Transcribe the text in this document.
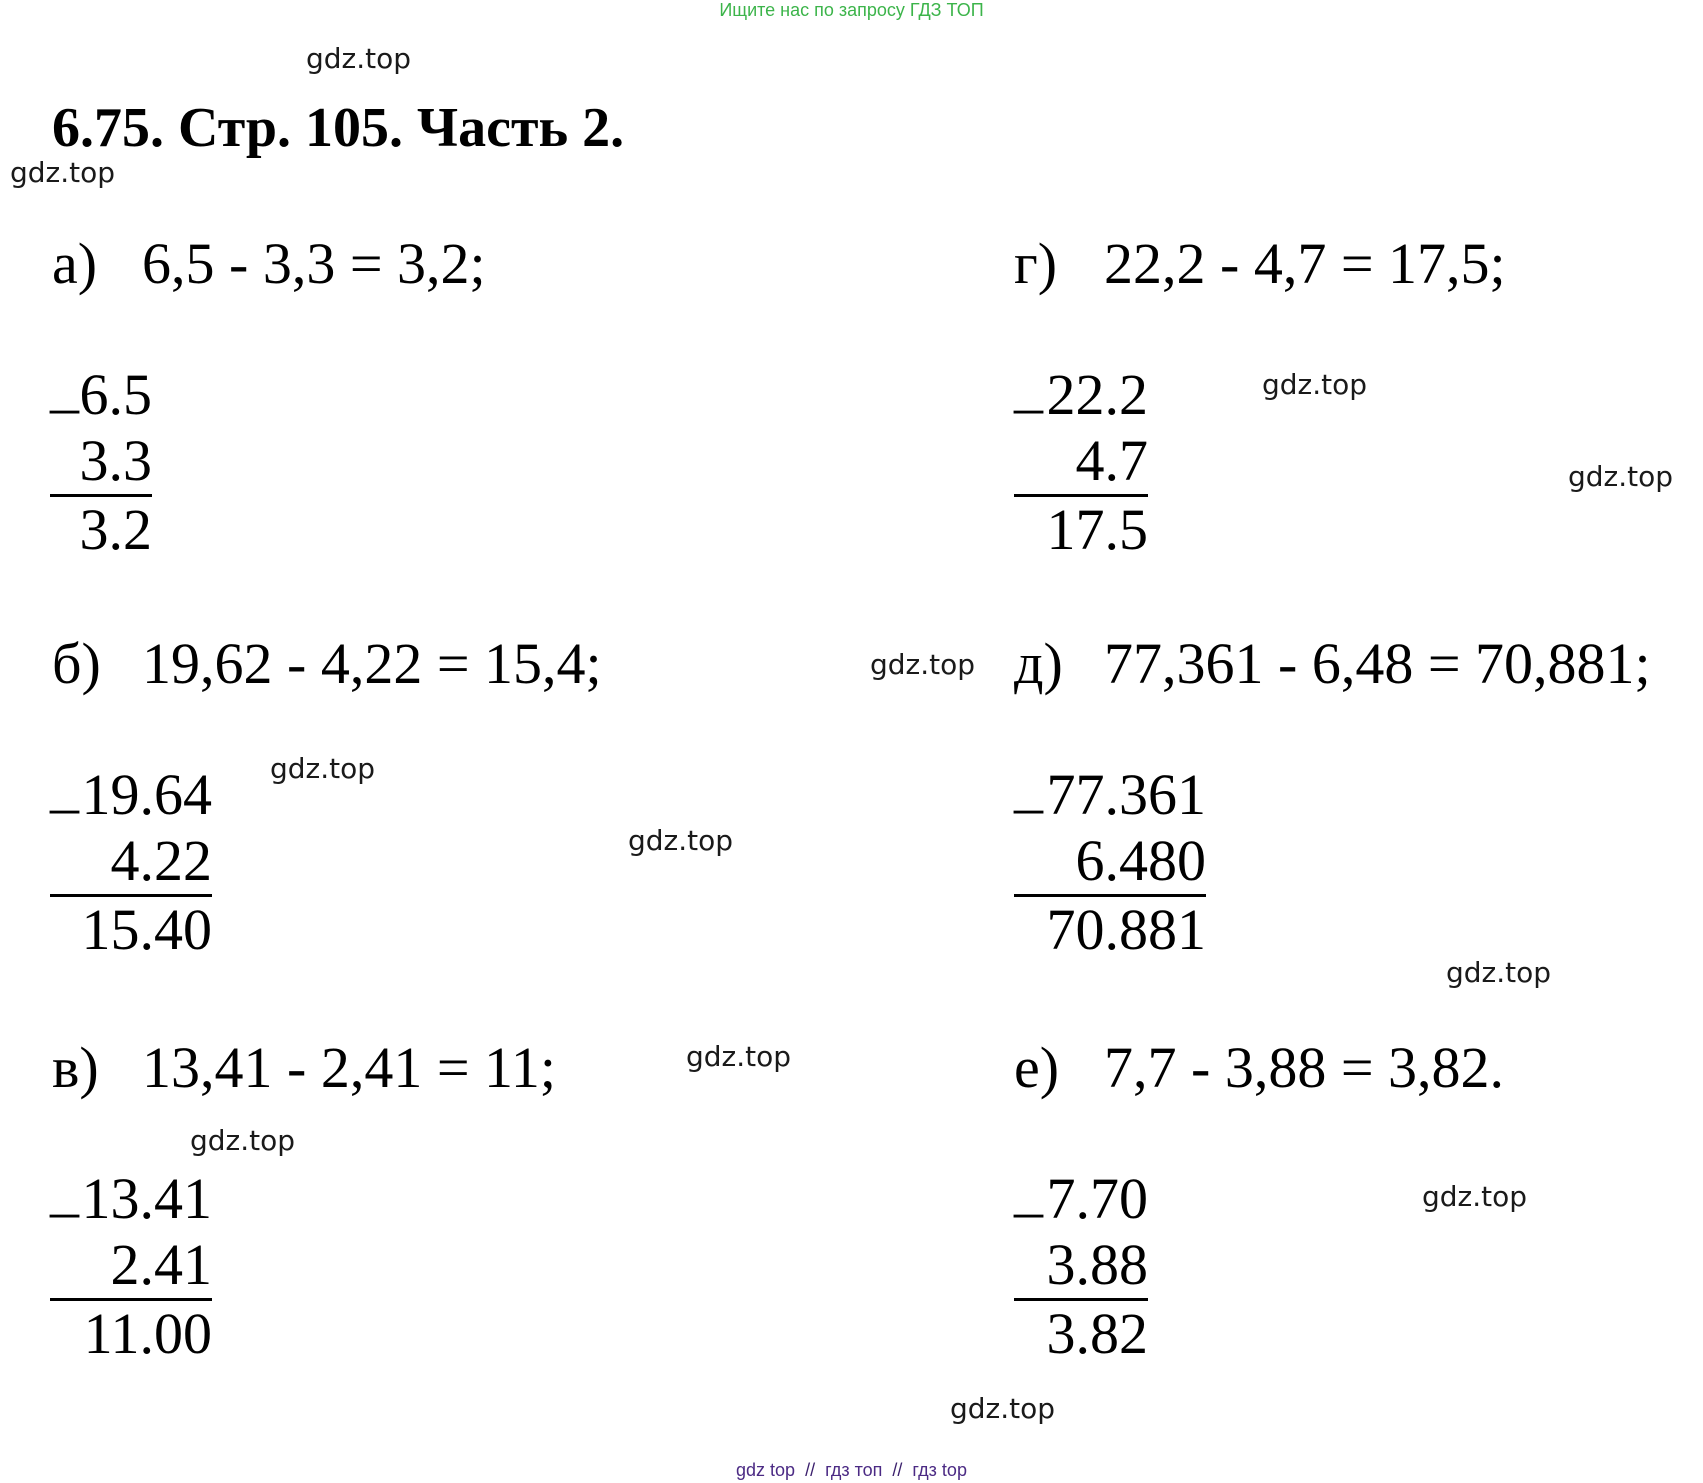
Ищите нас по запросу ГДЗ ТОП
6.75. Стр. 105. Часть 2.
gdz.top
gdz.top
gdz.top
gdz.top
gdz.top
gdz.top
gdz.top
gdz.top
gdz.top
gdz.top
gdz.top
gdz.top
а) 6,5 - 3,3 = 3,2;
_ 6.5
3.3
3.2
б) 19,62 - 4,22 = 15,4;
_ 19.64
4.22
15.40
в) 13,41 - 2,41 = 11;
_ 13.41
2.41
11.00
г) 22,2 - 4,7 = 17,5;
_ 22.2
4.7
17.5
д) 77,361 - 6,48 = 70,881;
_ 77.361
6.480
70.881
е) 7,7 - 3,88 = 3,82.
_ 7.70
3.88
3.82
gdz top // гдз топ // гдз top
